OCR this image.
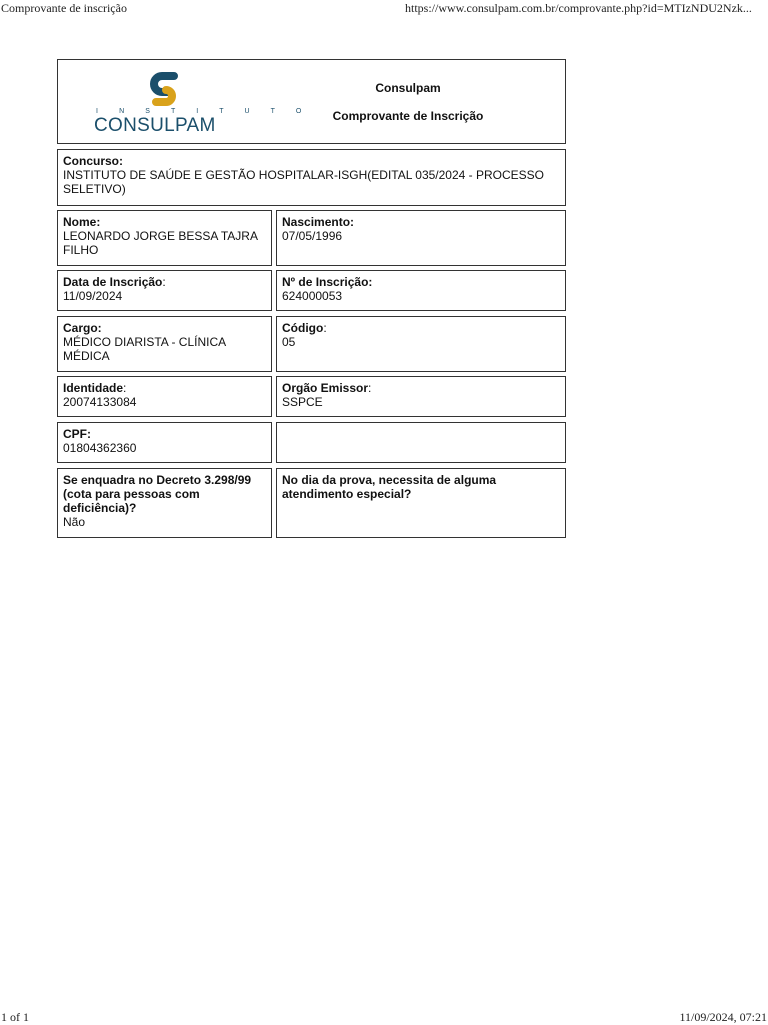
Comprovante de inscrição	https://www.consulpam.com.br/comprovante.php?id=MTIzNDU2Nzk...
1 of 1	11/09/2024, 07:21
I N S T I T U T O
CONSULPAM
Consulpam
Comprovante de Inscrição
Concurso:
INSTITUTO DE SAÚDE E GESTÃO HOSPITALAR-ISGH(EDITAL 035/2024 - PROCESSO SELETIVO)
Nome:
LEONARDO JORGE BESSA TAJRA FILHO
Nascimento:
07/05/1996
Data de Inscrição:
11/09/2024
Nº de Inscrição:
624000053
Cargo:
MÉDICO DIARISTA - CLÍNICA MÉDICA
Código:
05
Identidade:
20074133084
Orgão Emissor:
SSPCE
CPF:
01804362360
Se enquadra no Decreto 3.298/99 (cota para pessoas com deficiência)?
Não
No dia da prova, necessita de alguma atendimento especial?
